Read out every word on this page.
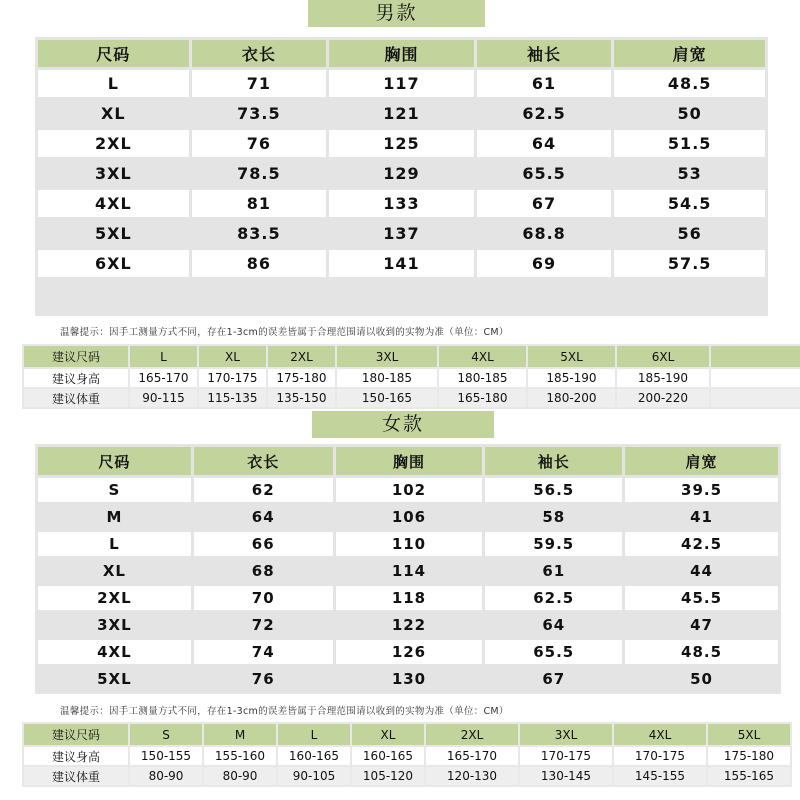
男款
尺码	衣长	胸围	袖长	肩宽
L	71	117	61	48.5
XL	73.5	121	62.5	50
2XL	76	125	64	51.5
3XL	78.5	129	65.5	53
4XL	81	133	67	54.5
5XL	83.5	137	68.8	56
6XL	86	141	69	57.5

温馨提示：因手工测量方式不同，存在1-3cm的误差皆属于合理范围请以收到的实物为准（单位：CM）
建议尺码	L	XL	2XL	3XL	4XL	5XL	6XL	
建议身高	165-170	170-175	175-180	180-185	180-185	185-190	185-190	
建议体重	90-115	115-135	135-150	150-165	165-180	180-200	200-220	
女款
尺码	衣长	胸围	袖长	肩宽
S	62	102	56.5	39.5
M	64	106	58	41
L	66	110	59.5	42.5
XL	68	114	61	44
2XL	70	118	62.5	45.5
3XL	72	122	64	47
4XL	74	126	65.5	48.5
5XL	76	130	67	50
温馨提示：因手工测量方式不同，存在1-3cm的误差皆属于合理范围请以收到的实物为准（单位：CM）
建议尺码	S	M	L	XL	2XL	3XL	4XL	5XL
建议身高	150-155	155-160	160-165	160-165	165-170	170-175	170-175	175-180
建议体重	80-90	80-90	90-105	105-120	120-130	130-145	145-155	155-165
